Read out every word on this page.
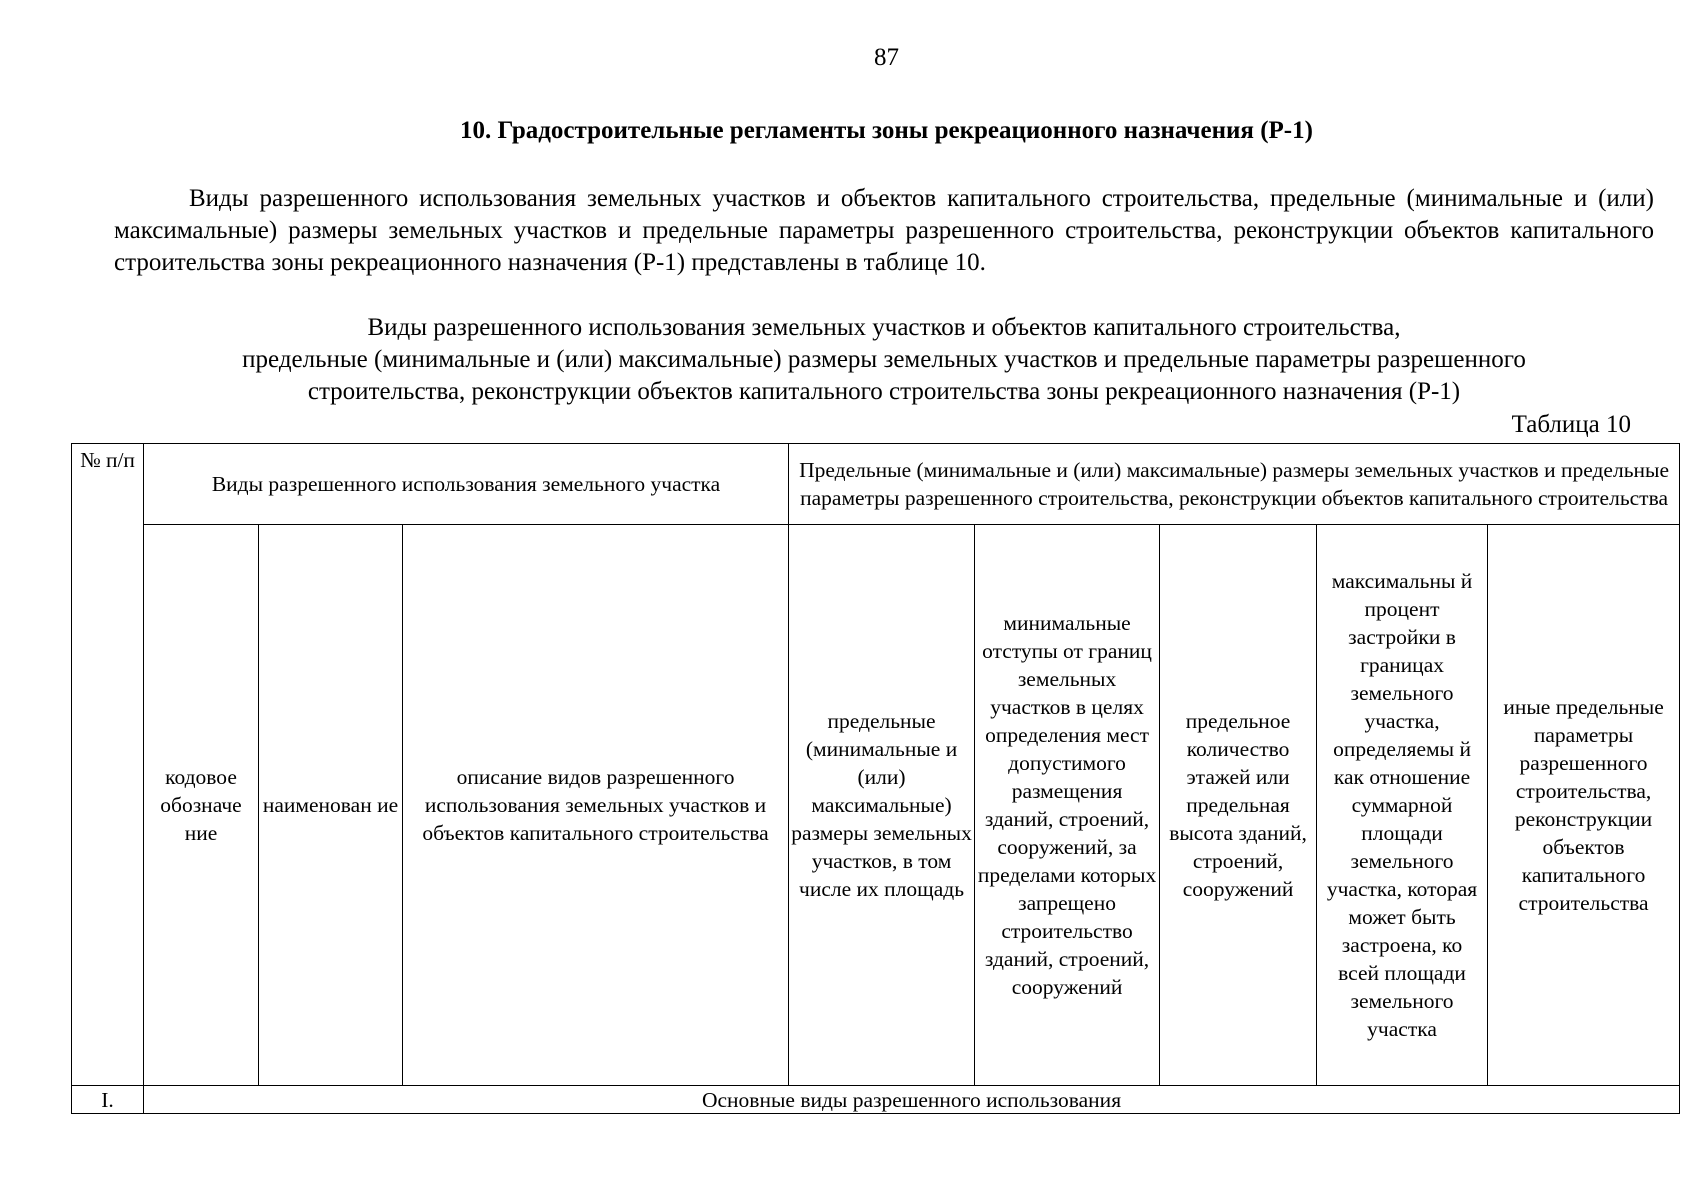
87
10. Градостроительные регламенты зоны рекреационного назначения (Р-1)

Виды разрешенного использования земельных участков и объектов капитального строительства, предельные (минимальные и (или) максимальные) размеры земельных участков и предельные параметры разрешенного строительства, реконструкции объектов капитального строительства зоны рекреационного назначения (Р-1) представлены в таблице 10.

Виды разрешенного использования земельных участков и объектов капитального строительства,
предельные (минимальные и (или) максимальные) размеры земельных участков и предельные параметры разрешенного
строительства, реконструкции объектов капитального строительства зоны рекреационного назначения (Р-1)

Таблица 10
№ п/п	Виды разрешенного использования земельного участка			Предельные (минимальные и (или) максимальные) размеры земельных участков и предельные параметры разрешенного строительства, реконструкции объектов капитального строительства				
	кодовое обозначе ние	наименован ие	описание видов разрешенного использования земельных участков и объектов капитального строительства	предельные (минимальные и (или) максимальные) размеры земельных участков, в том числе их площадь	минимальные отступы от границ земельных участков в целях определения мест допустимого размещения зданий, строений, сооружений, за пределами которых запрещено строительство зданий, строений, сооружений	предельное количество этажей или предельная высота зданий, строений, сооружений	максимальны й процент застройки в границах земельного участка, определяемы й как отношение суммарной площади земельного участка, которая может быть застроена, ко всей площади земельного участка	иные предельные параметры разрешенного строительства, реконструкции объектов капитального строительства
I.	Основные виды разрешенного использования							
